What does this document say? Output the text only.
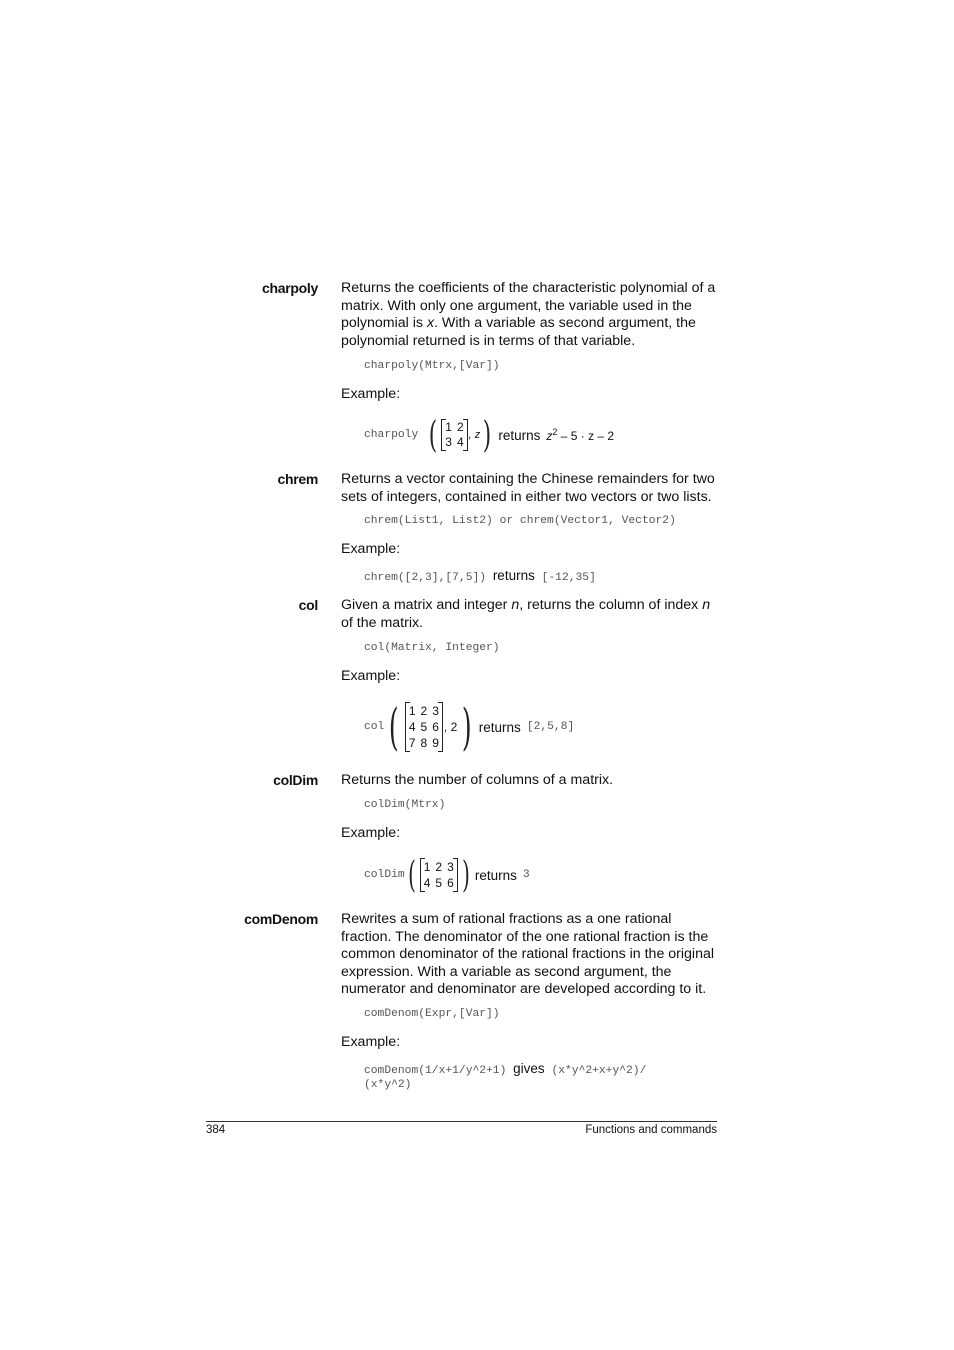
charpoly Returns the coefficients of the characteristic polynomial of a matrix. With only one argument, the variable used in the polynomial is x. With a variable as second argument, the polynomial returned is in terms of that variable.
charpoly(Mtrx,[Var])
Example:
charpoly ( 1 2
3 4 , z ) returns $z^2 - 5 \cdot z - 2$
chrem Returns a vector containing the Chinese remainders for two sets of integers, contained in either two vectors or two lists.
chrem(List1, List2) or chrem(Vector1, Vector2)
Example:
chrem([2,3],[7,5]) returns [-12,35]
col Given a matrix and integer n, returns the column of index n of the matrix.
col(Matrix, Integer)
Example:
col ( 1 2 3
4 5 6
7 8 9
, 2 ) returns [2,5,8]
colDim Returns the number of columns of a matrix.
colDim(Mtrx)
Example:
colDim ( 1 2 3
4 5 6 ) returns 3
comDenom Rewrites a sum of rational fractions as a one rational fraction. The denominator of the one rational fraction is the common denominator of the rational fractions in the original expression. With a variable as second argument, the numerator and denominator are developed according to it.
comDenom(Expr,[Var])
Example:
comDenom(1/x+1/y^2+1) gives (x*y^2+x+y^2)/
(x*y^2)
384	Functions and commands
